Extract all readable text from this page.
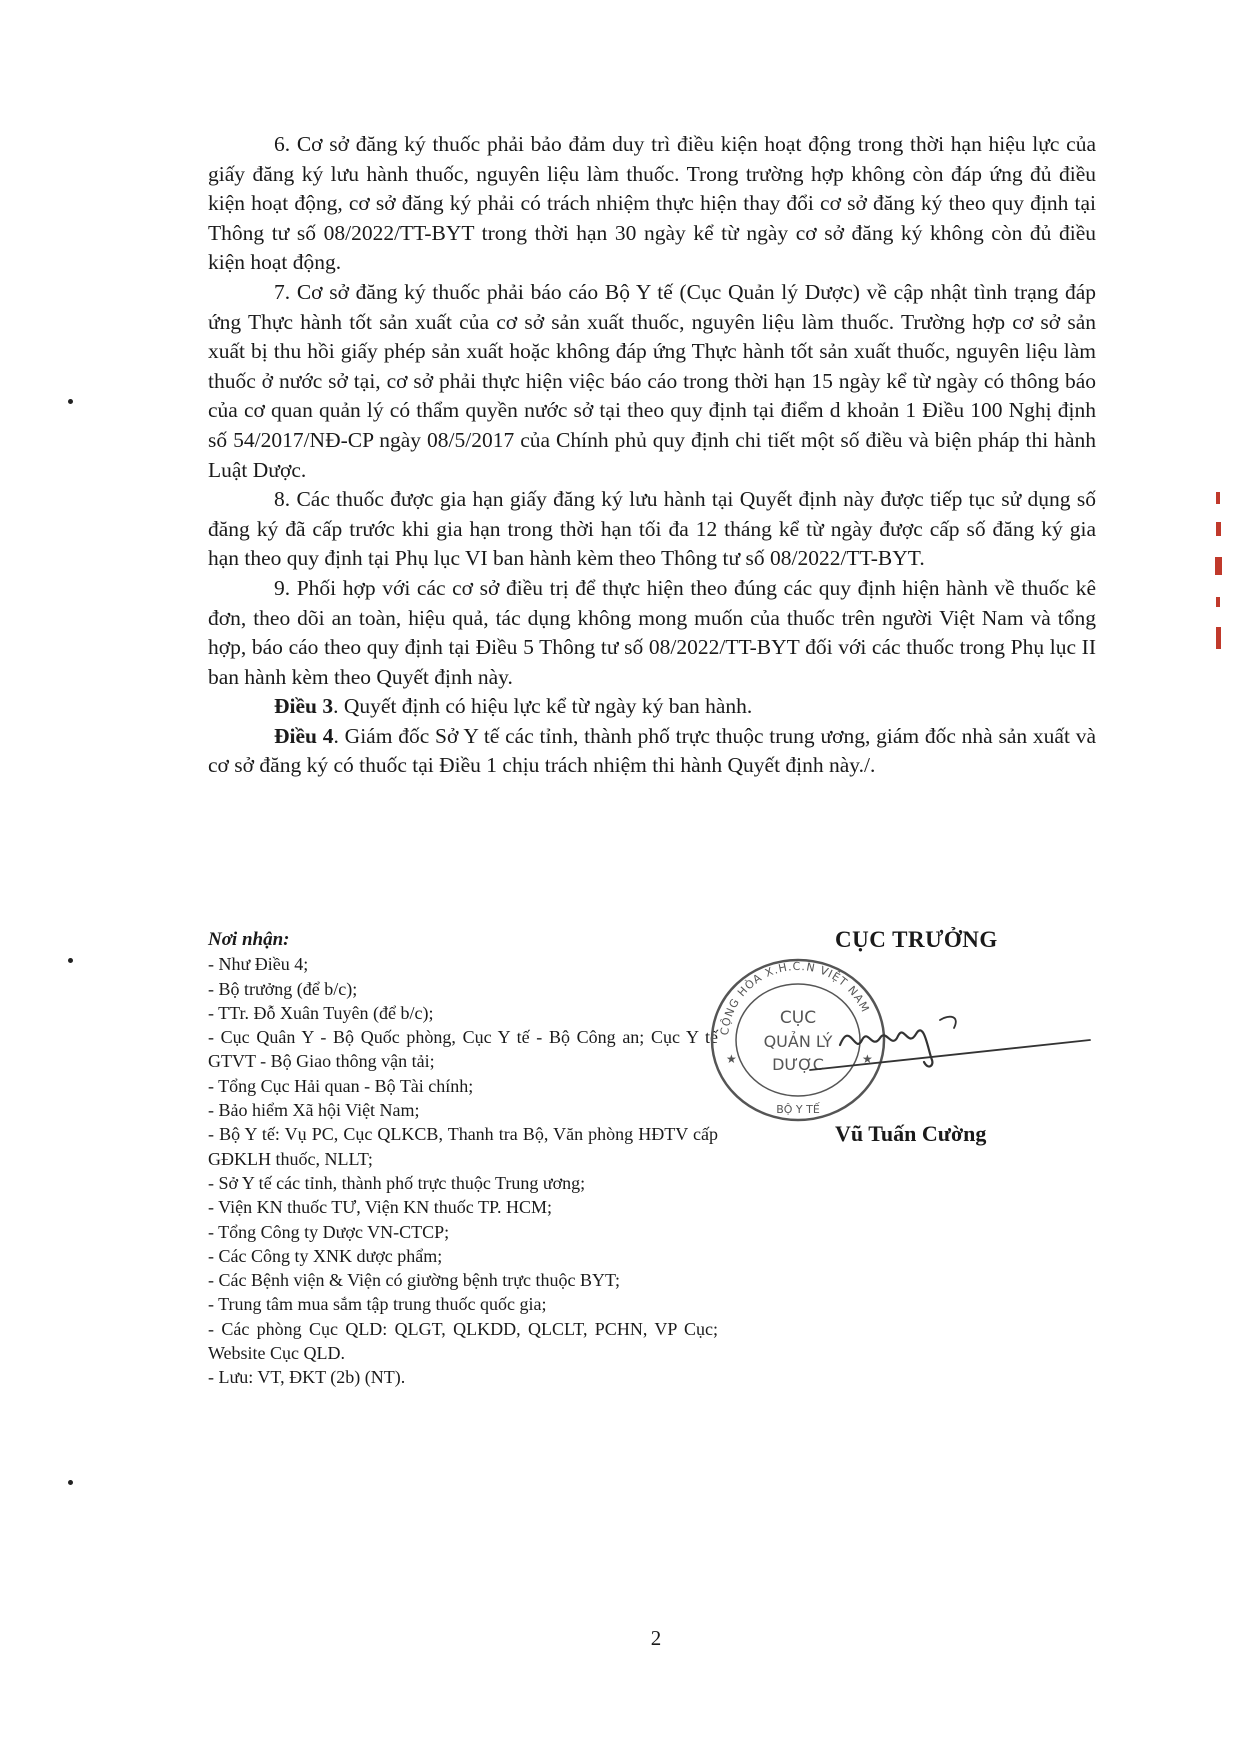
6. Cơ sở đăng ký thuốc phải bảo đảm duy trì điều kiện hoạt động trong thời hạn hiệu lực của giấy đăng ký lưu hành thuốc, nguyên liệu làm thuốc. Trong trường hợp không còn đáp ứng đủ điều kiện hoạt động, cơ sở đăng ký phải có trách nhiệm thực hiện thay đổi cơ sở đăng ký theo quy định tại Thông tư số 08/2022/TT-BYT trong thời hạn 30 ngày kể từ ngày cơ sở đăng ký không còn đủ điều kiện hoạt động.

7. Cơ sở đăng ký thuốc phải báo cáo Bộ Y tế (Cục Quản lý Dược) về cập nhật tình trạng đáp ứng Thực hành tốt sản xuất của cơ sở sản xuất thuốc, nguyên liệu làm thuốc. Trường hợp cơ sở sản xuất bị thu hồi giấy phép sản xuất hoặc không đáp ứng Thực hành tốt sản xuất thuốc, nguyên liệu làm thuốc ở nước sở tại, cơ sở phải thực hiện việc báo cáo trong thời hạn 15 ngày kể từ ngày có thông báo của cơ quan quản lý có thẩm quyền nước sở tại theo quy định tại điểm d khoản 1 Điều 100 Nghị định số 54/2017/NĐ-CP ngày 08/5/2017 của Chính phủ quy định chi tiết một số điều và biện pháp thi hành Luật Dược.

8. Các thuốc được gia hạn giấy đăng ký lưu hành tại Quyết định này được tiếp tục sử dụng số đăng ký đã cấp trước khi gia hạn trong thời hạn tối đa 12 tháng kể từ ngày được cấp số đăng ký gia hạn theo quy định tại Phụ lục VI ban hành kèm theo Thông tư số 08/2022/TT-BYT.

9. Phối hợp với các cơ sở điều trị để thực hiện theo đúng các quy định hiện hành về thuốc kê đơn, theo dõi an toàn, hiệu quả, tác dụng không mong muốn của thuốc trên người Việt Nam và tổng hợp, báo cáo theo quy định tại Điều 5 Thông tư số 08/2022/TT-BYT đối với các thuốc trong Phụ lục II ban hành kèm theo Quyết định này.

Điều 3. Quyết định có hiệu lực kể từ ngày ký ban hành.

Điều 4. Giám đốc Sở Y tế các tỉnh, thành phố trực thuộc trung ương, giám đốc nhà sản xuất và cơ sở đăng ký có thuốc tại Điều 1 chịu trách nhiệm thi hành Quyết định này./.

Nơi nhận:
- Như Điều 4;
- Bộ trưởng (để b/c);
- TTr. Đỗ Xuân Tuyên (để b/c);
- Cục Quân Y - Bộ Quốc phòng, Cục Y tế - Bộ Công an; Cục Y tế GTVT - Bộ Giao thông vận tải;
- Tổng Cục Hải quan - Bộ Tài chính;
- Bảo hiểm Xã hội Việt Nam;
- Bộ Y tế: Vụ PC, Cục QLKCB, Thanh tra Bộ, Văn phòng HĐTV cấp GĐKLH thuốc, NLLT;
- Sở Y tế các tỉnh, thành phố trực thuộc Trung ương;
- Viện KN thuốc TƯ, Viện KN thuốc TP. HCM;
- Tổng Công ty Dược VN-CTCP;
- Các Công ty XNK dược phẩm;
- Các Bệnh viện & Viện có giường bệnh trực thuộc BYT;
- Trung tâm mua sắm tập trung thuốc quốc gia;
- Các phòng Cục QLD: QLGT, QLKDD, QLCLT, PCHN, VP Cục; Website Cục QLD.
- Lưu: VT, ĐKT (2b) (NT).
CỤC TRƯỞNG
CỘNG HÒA X.H.C.N VIỆT NAM
CỤC
QUẢN LÝ
DƯỢC
BỘ Y TẾ
★	★
Vũ Tuấn Cường
2
